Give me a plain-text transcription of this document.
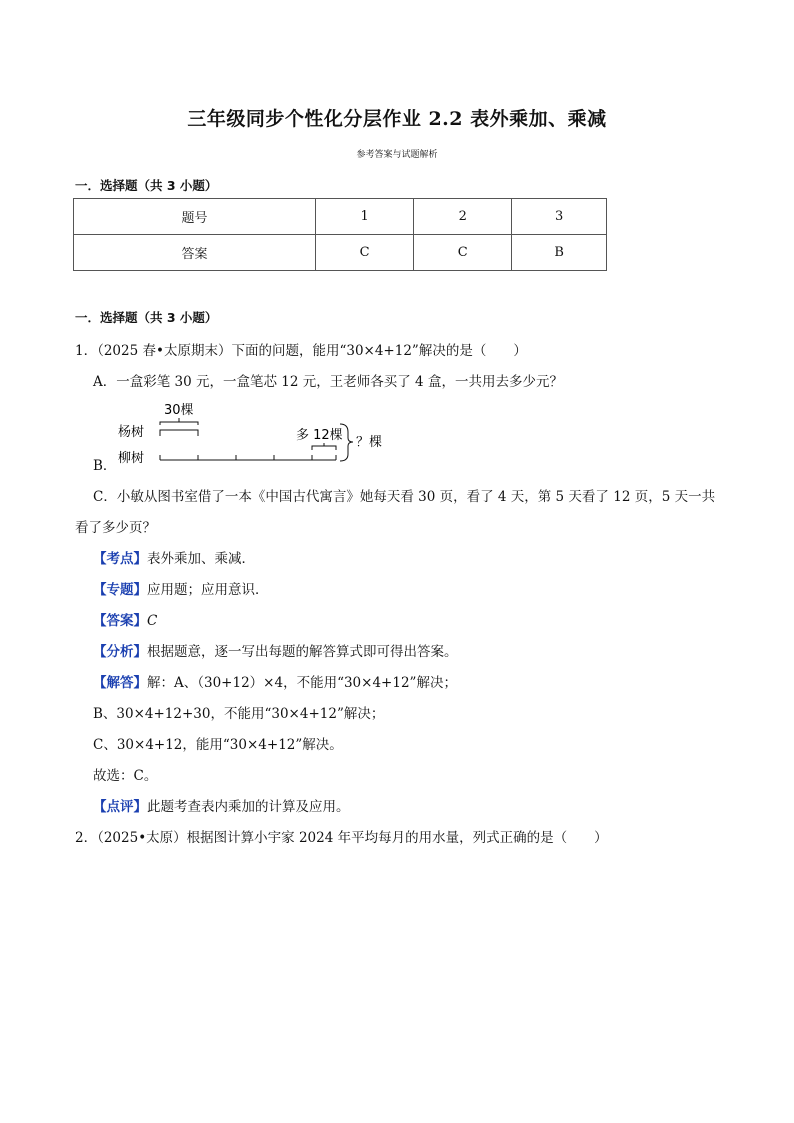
三年级同步个性化分层作业 2.2 表外乘加、乘减
参考答案与试题解析
一．选择题（共 3 小题）
题号	1	2	3
答案	C	C	B
一．选择题（共 3 小题）
1．（2025 春•太原期末）下面的问题，能用“30×4+12”解决的是（　　）
A．一盒彩笔 30 元，一盒笔芯 12 元，王老师各买了 4 盒，一共用去多少元？
30棵
杨树
柳树
多 12棵 ？棵
B．
C．小敏从图书室借了一本《中国古代寓言》她每天看 30 页，看了 4 天，第 5 天看了 12 页，5 天一共
看了多少页？
【考点】表外乘加、乘减．
【专题】应用题；应用意识．
【答案】C
【分析】根据题意，逐一写出每题的解答算式即可得出答案。
【解答】解：A、（30+12）×4，不能用“30×4+12”解决；
B、30×4+12+30，不能用“30×4+12”解决；
C、30×4+12，能用“30×4+12”解决。
故选：C。
【点评】此题考查表内乘加的计算及应用。
2．（2025•太原）根据图计算小宇家 2024 年平均每月的用水量，列式正确的是（　　）
